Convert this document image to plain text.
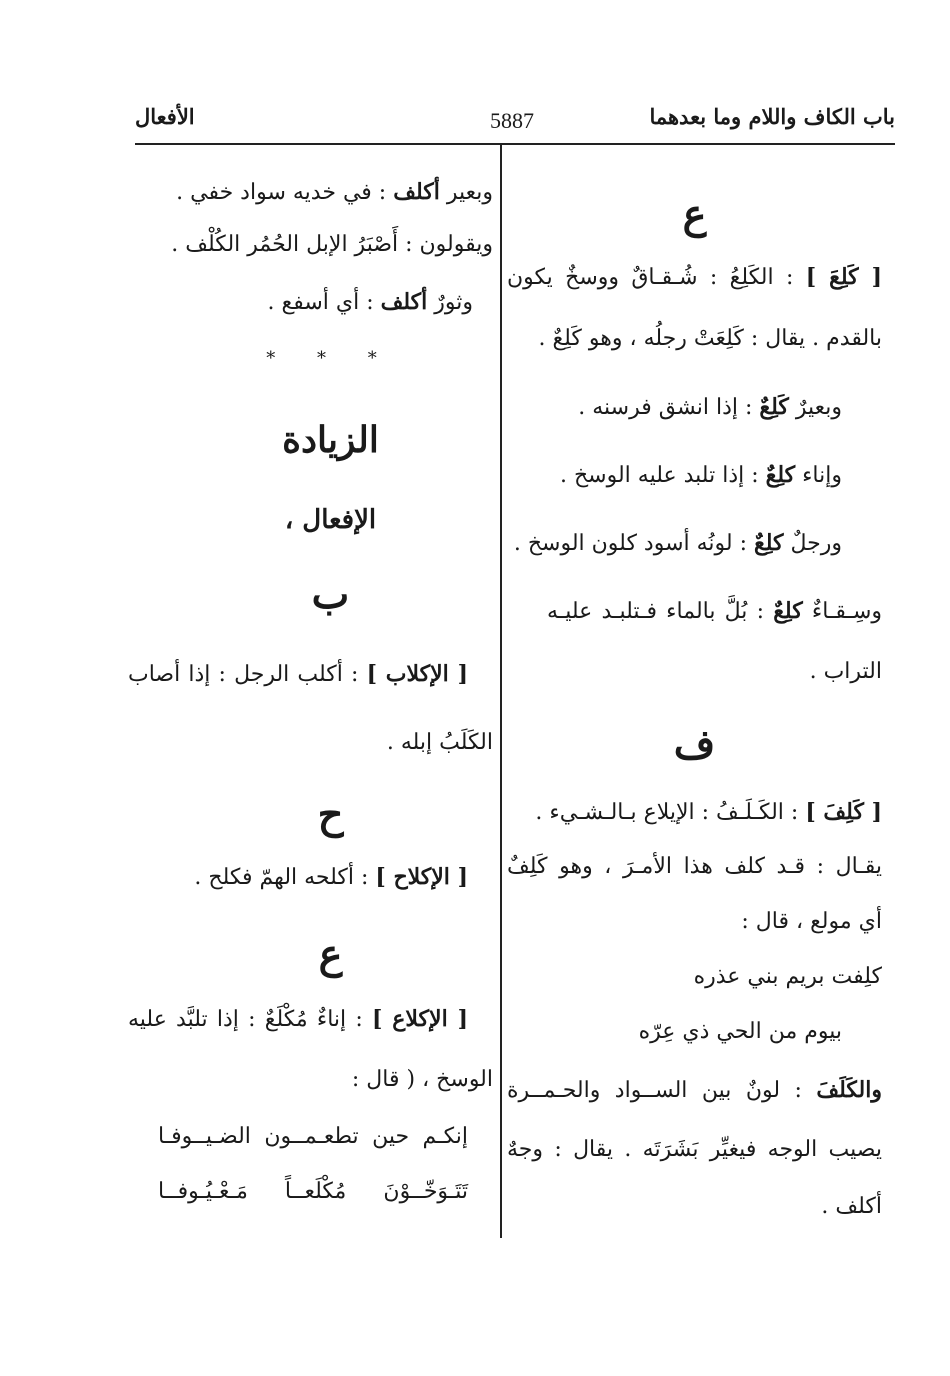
باب الكاف واللام وما بعدهما
5887
الأفعال
ع
[ كَلِعَ ] : الكَلِعُ : شُـقـاقٌ ووسخٌ يكون
بالقدم . يقال : كَلِعَتْ رجلُه ، وهو كَلِعٌ .
وبعيرٌ كَلِعٌ : إذا انشق فرسنه .
وإناء كلِعٌ : إذا تلبد عليه الوسخ .
ورجلٌ كلِعٌ : لونُه أسود كلون الوسخ .
وسِـقـاءٌ كلِعٌ : بُلَّ بالماء فـتلبـد عليـه
التراب .
ف
[ كَلِفَ ] : الكَـلَـفُ : الإيلاع بـالـشـيء .
يقـال : قـد كلف هذا الأمـرَ ، وهو كَلِفٌ
أي مولع ، قال :
كلِفت بريم بني عذره
بيوم من الحي ذي عِرّه
والكَلَفَ : لونٌ بين الســواد والحـمــرة
يصيب الوجه فيغيِّر بَشَرَتَه . يقال : وجهٌ
أكلف .
وبعير أكلف : في خديه سواد خفي .
ويقولون : أَصْبَرُ الإبل الحُمُر الكُلْف .
وثورٌ أكلف : أي أسفع .
* * *
الزيادة
الإفعال ،
ب
[ الإكلاب ] : أكلب الرجل : إذا أصاب
الكَلَبُ إبله .
ح
[ الإكلاح ] : أكلحه الهمّ فكلح .
ع
[ الإكلاع ] : إناءٌ مُكْلَعٌ : إذا تلبَّد عليه
الوسخ ، ( قال :
إنكـم حين تطعـمــون الضـيــوفـا
تَتَـوَخّــوْنَ مُكْلَعــاً مَـعْـيُـوفــا
